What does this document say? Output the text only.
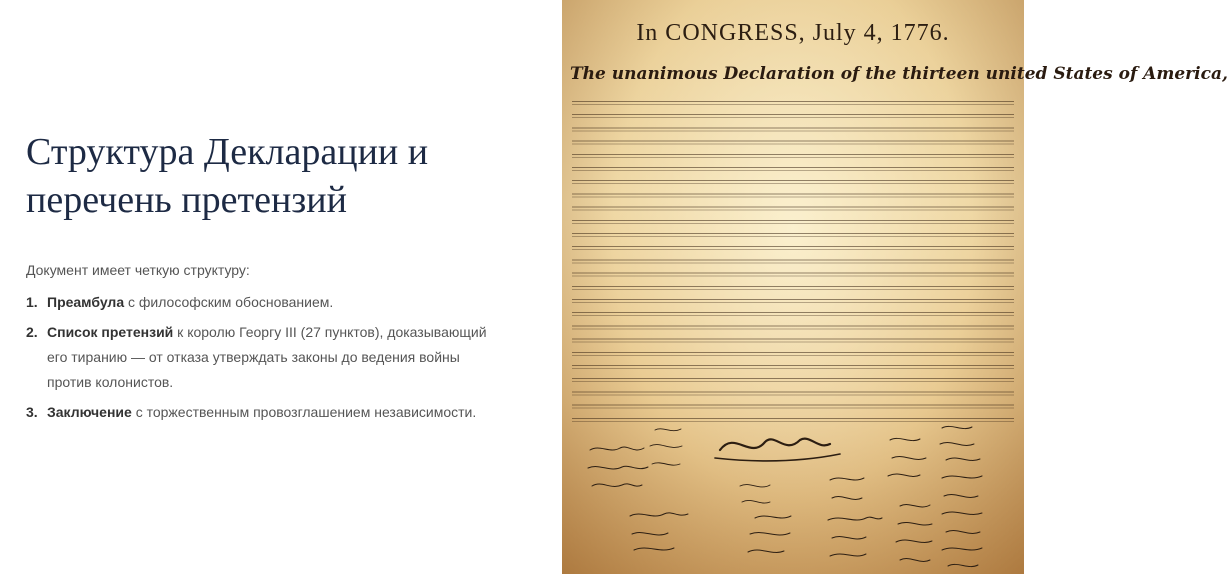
Структура Декларации и
перечень претензий
Документ имеет четкую структуру:
1. Преамбула с философским обоснованием.
2. Список претензий к королю Георгу III (27 пунктов), доказывающий его тиранию — от отказа утверждать законы до ведения войны против колонистов.
3. Заключение с торжественным провозглашением независимости.
In CONGRESS, July 4, 1776.
The unanimous Declaration of the thirteen united States of America,
